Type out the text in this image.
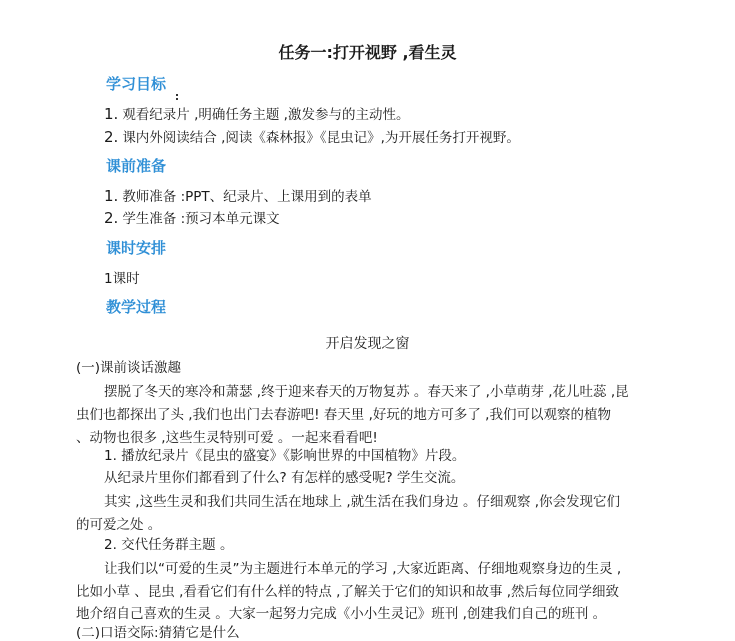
任务一:打开视野 ,看生灵
学习目标
1. 观看纪录片 ,明确任务主题 ,激发参与的主动性。
2. 课内外阅读结合 ,阅读《森林报》《昆虫记》,为开展任务打开视野。
课前准备
1. 教师准备 :PPT、纪录片、上课用到的表单
2. 学生准备 :预习本单元课文
课时安排
1课时
教学过程
开启发现之窗
(一)课前谈话激趣
摆脱了冬天的寒冷和萧瑟 ,终于迎来春天的万物复苏 。春天来了 ,小草萌芽 ,花儿吐蕊 ,昆
虫们也都探出了头 ,我们也出门去春游吧! 春天里 ,好玩的地方可多了 ,我们可以观察的植物
、动物也很多 ,这些生灵特别可爱 。一起来看看吧!
1. 播放纪录片《昆虫的盛宴》《影响世界的中国植物》片段。
从纪录片里你们都看到了什么? 有怎样的感受呢? 学生交流。
其实 ,这些生灵和我们共同生活在地球上 ,就生活在我们身边 。仔细观察 ,你会发现它们
的可爱之处 。
2. 交代任务群主题 。
让我们以“可爱的生灵”为主题进行本单元的学习 ,大家近距离、仔细地观察身边的生灵 ,
比如小草 、昆虫 ,看看它们有什么样的特点 ,了解关于它们的知识和故事 ,然后每位同学细致
地介绍自己喜欢的生灵 。大家一起努力完成《小小生灵记》班刊 ,创建我们自己的班刊 。
(二)口语交际:猜猜它是什么
